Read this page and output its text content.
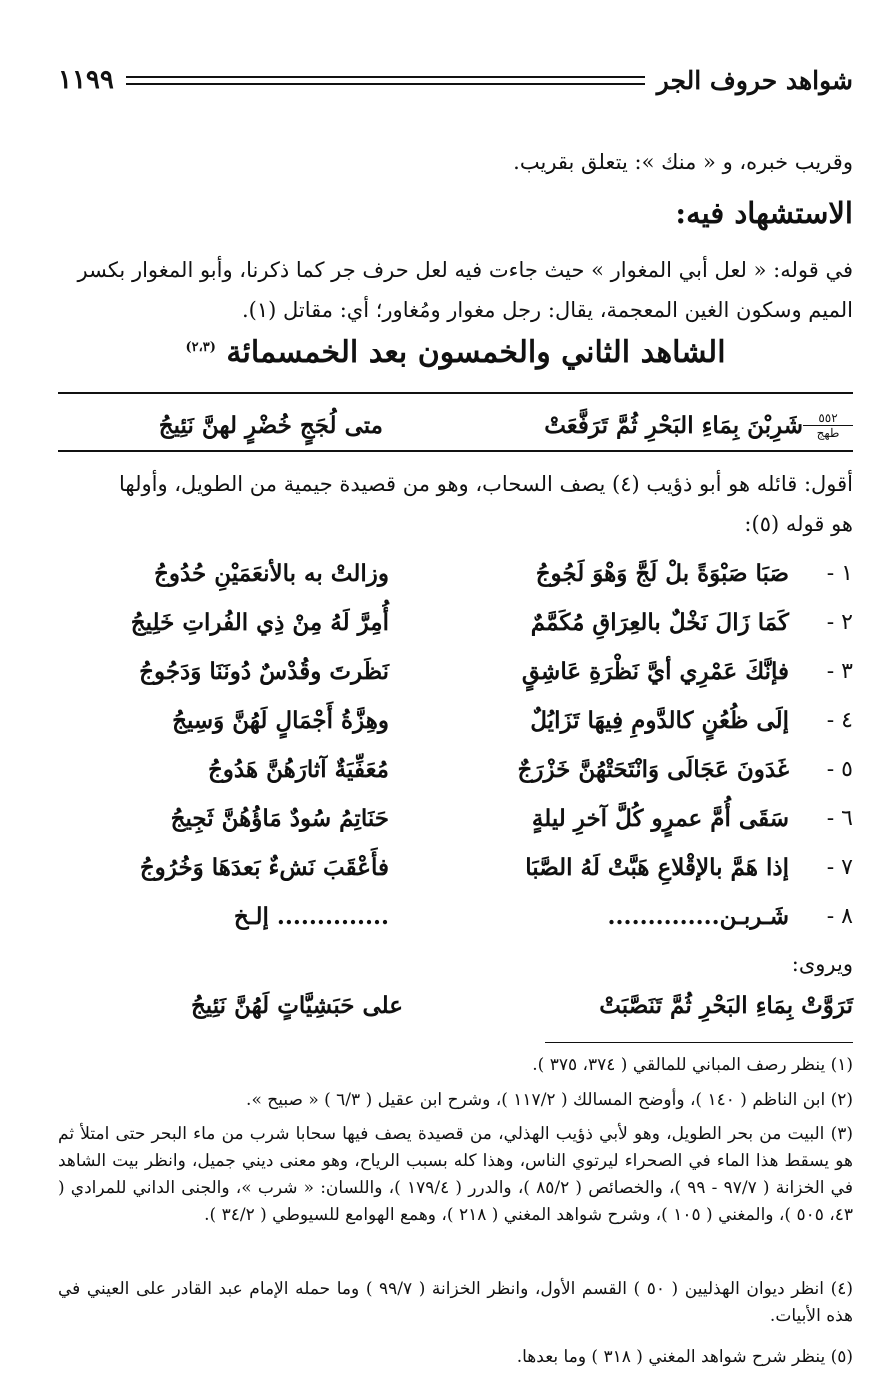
شواهد حروف الجر
١١٩٩
وقريب خبره، و « منك »: يتعلق بقريب.
الاستشهاد فيه:
في قوله: « لعل أبي المغوار » حيث جاءت فيه لعل حرف جر كما ذكرنا، وأبو المغوار بكسر
الميم وسكون الغين المعجمة، يقال: رجل مغوار ومُغاور؛ أي: مقاتل (١).
الشاهد الثاني والخمسون بعد الخمسمائة $^{(٢،٣)}$
٥٥٢
طهج
شَرِبْنَ بِمَاءِ البَحْرِ ثُمَّ تَرَفَّعَتْ
متى لُجَجٍ خُضْرٍ لهنَّ نَئِيجُ
أقول: قائله هو أبو ذؤيب (٤) يصف السحاب، وهو من قصيدة جيمية من الطويل، وأولها
هو قوله (٥):
١ -
صَبَا صَبْوَةً بلْ لَجَّ وَهْوَ لَجُوجُ
وزالتْ به بالأنعَمَيْنِ حُدُوجُ
٢ -
كَمَا زَالَ نَخْلٌ بالعِرَاقِ مُكَمَّمٌ
أُمِرَّ لَهُ مِنْ ذِي الفُراتِ خَلِيجُ
٣ -
فإنَّكَ عَمْرِي أيَّ نَظْرَةِ عَاشِقٍ
نَظَرتَ وقُدْسٌ دُونَنَا وَدَجُوجُ
٤ -
إلَى ظُعُنٍ كالدَّومِ فِيهَا تَزَايُلٌ
وهِزَّةُ أَجْمَالٍ لَهُنَّ وَسِيجُ
٥ -
غَدَونَ عَجَالَى وَانْتَحَتْهُنَّ خَزْرَجٌ
مُعَفِّيَةٌ آثارَهُنَّ هَدُوجُ
٦ -
سَقَى أُمَّ عمرٍو كُلَّ آخرِ ليلةٍ
حَنَاتِمُ سُودٌ مَاؤُهُنَّ ثَجِيجُ
٧ -
إذا هَمَّ بالإقْلاعِ هَبَّتْ لَهُ الصَّبَا
فأَعْقَبَ نَشءٌ بَعدَهَا وَخُرُوجُ
٨ -
شَـربـن..............
.............. إلـخ
ويروى:
تَرَوَّتْ بِمَاءِ البَحْرِ ثُمَّ تَنَصَّبَتْ
على حَبَشِيَّاتٍ لَهُنَّ نَئِيجُ
(١) ينظر رصف المباني للمالقي ( ٣٧٤، ٣٧٥ ).
(٢) ابن الناظم ( ١٤٠ )، وأوضح المسالك ( ١١٧/٢ )، وشرح ابن عقيل ( ٦/٣ ) « صبيح ».
(٣) البيت من بحر الطويل، وهو لأبي ذؤيب الهذلي، من قصيدة يصف فيها سحابا شرب من ماء البحر حتى امتلأ ثم هو يسقط هذا الماء في الصحراء ليرتوي الناس، وهذا كله بسبب الرياح، وهو معنى ديني جميل، وانظر بيت الشاهد في الخزانة ( ٩٧/٧ - ٩٩ )، والخصائص ( ٨٥/٢ )، والدرر ( ١٧٩/٤ )، واللسان: « شرب »، والجنى الداني للمرادي ( ٤٣، ٥٠٥ )، والمغني ( ١٠٥ )، وشرح شواهد المغني ( ٢١٨ )، وهمع الهوامع للسيوطي ( ٣٤/٢ ).
(٤) انظر ديوان الهذليين ( ٥٠ ) القسم الأول، وانظر الخزانة ( ٩٩/٧ ) وما حمله الإمام عبد القادر على العيني في هذه الأبيات.
(٥) ينظر شرح شواهد المغني ( ٣١٨ ) وما بعدها.
